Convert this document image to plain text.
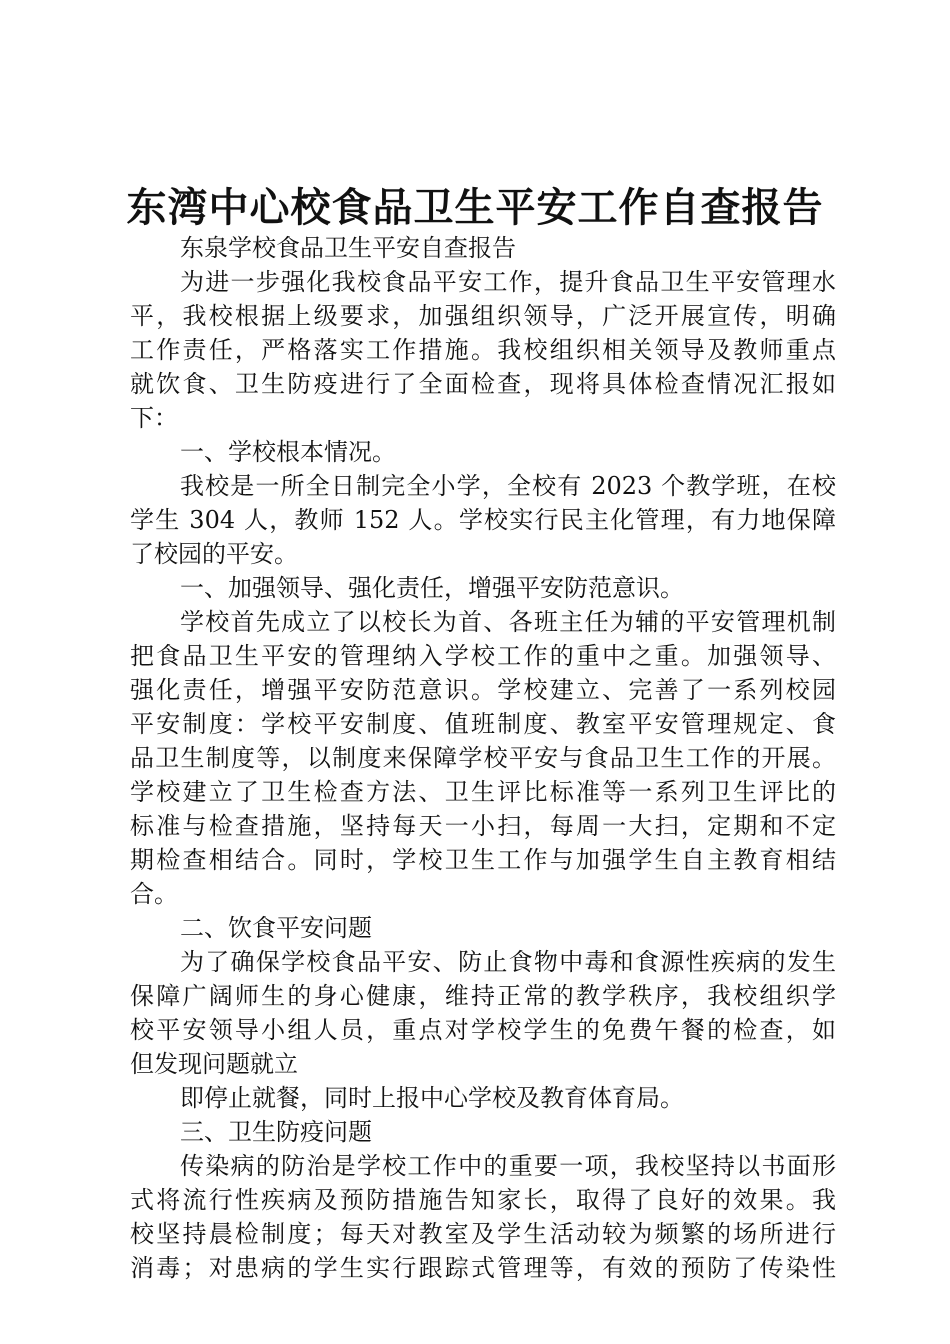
东湾中心校食品卫生平安工作自查报告
东泉学校食品卫生平安自查报告
为进一步强化我校食品平安工作，提升食品卫生平安管理水
平，我校根据上级要求，加强组织领导，广泛开展宣传，明确
工作责任，严格落实工作措施。我校组织相关领导及教师重点
就饮食、卫生防疫进行了全面检查，现将具体检查情况汇报如
下：
一、学校根本情况。
我校是一所全日制完全小学，全校有 2023 个教学班，在校
学生 304 人，教师 152 人。学校实行民主化管理，有力地保障
了校园的平安。
一、加强领导、强化责任，增强平安防范意识。
学校首先成立了以校长为首、各班主任为辅的平安管理机制
把食品卫生平安的管理纳入学校工作的重中之重。加强领导、
强化责任，增强平安防范意识。学校建立、完善了一系列校园
平安制度：学校平安制度、值班制度、教室平安管理规定、食
品卫生制度等，以制度来保障学校平安与食品卫生工作的开展。
学校建立了卫生检查方法、卫生评比标准等一系列卫生评比的
标准与检查措施，坚持每天一小扫，每周一大扫，定期和不定
期检查相结合。同时，学校卫生工作与加强学生自主教育相结
合。
二、饮食平安问题
为了确保学校食品平安、防止食物中毒和食源性疾病的发生
保障广阔师生的身心健康，维持正常的教学秩序，我校组织学
校平安领导小组人员，重点对学校学生的免费午餐的检查，如
但发现问题就立
即停止就餐，同时上报中心学校及教育体育局。
三、卫生防疫问题
传染病的防治是学校工作中的重要一项，我校坚持以书面形
式将流行性疾病及预防措施告知家长，取得了良好的效果。我
校坚持晨检制度；每天对教室及学生活动较为频繁的场所进行
消毒；对患病的学生实行跟踪式管理等，有效的预防了传染性
